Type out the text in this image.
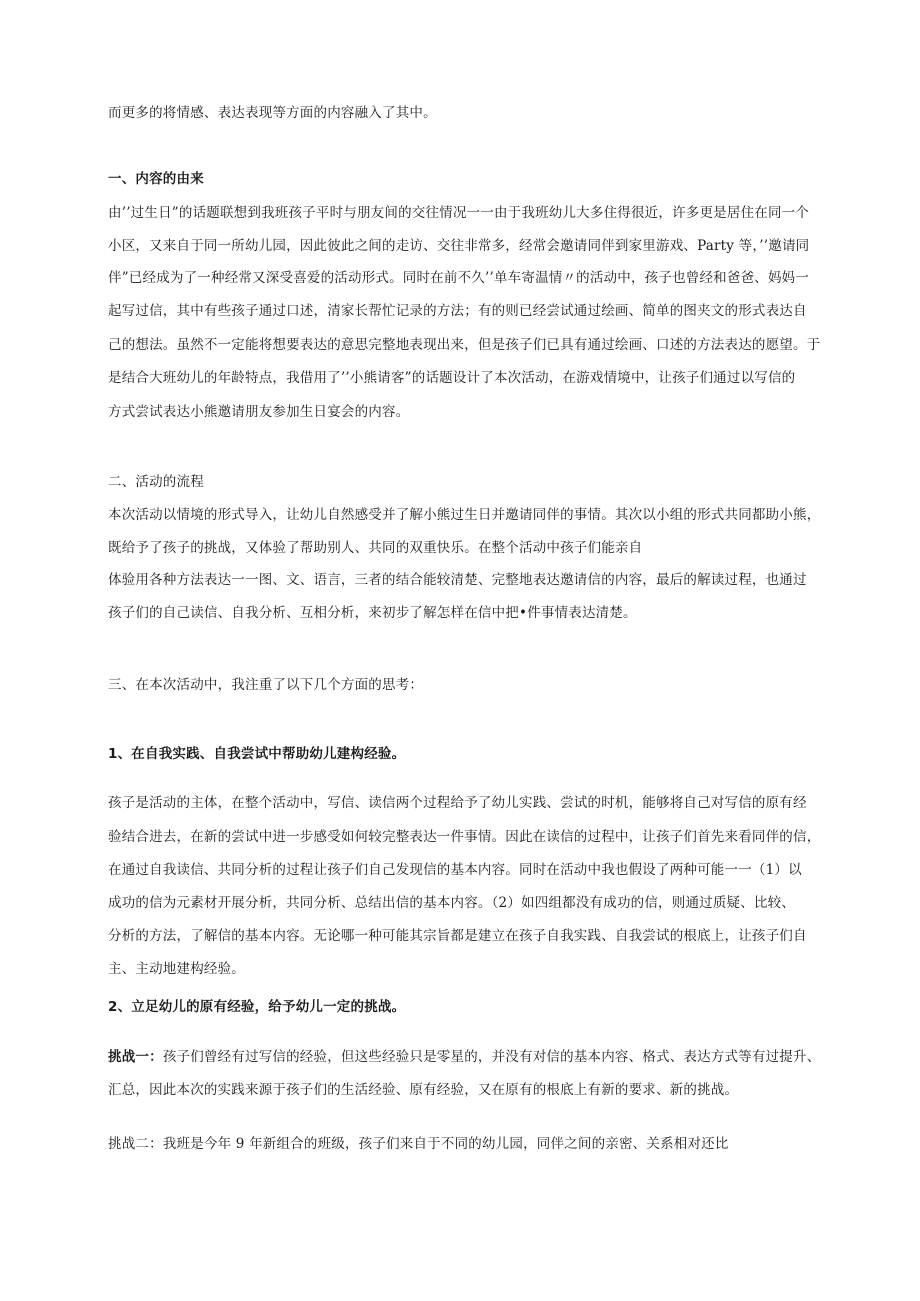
而更多的将情感、表达表现等方面的内容融入了其中。
一、内容的由来
由’’过生日”的话题联想到我班孩子平时与朋友间的交往情况一一由于我班幼儿大多住得很近，许多更是居住在同一个
小区，又来自于同一所幼儿园，因此彼此之间的走访、交往非常多，经常会邀请同伴到家里游戏、Party 等，’’邀请同
伴”已经成为了一种经常又深受喜爱的活动形式。同时在前不久’’单车寄温情〃的活动中，孩子也曾经和爸爸、妈妈一
起写过信，其中有些孩子通过口述，清家长帮忙记录的方法；有的则已经尝试通过绘画、简单的图夹文的形式表达自
己的想法。虽然不一定能将想要表达的意思完整地表现出来，但是孩子们已具有通过绘画、口述的方法表达的愿望。于
是结合大班幼儿的年龄特点，我借用了’’小熊请客”的话题设计了本次活动，在游戏情境中，让孩子们通过以写信的
方式尝试表达小熊邀请朋友参加生日宴会的内容。
二、活动的流程
本次活动以情境的形式导入，让幼儿自然感受并了解小熊过生日并邀请同伴的事情。其次以小组的形式共同都助小熊，
既给予了孩子的挑战，又体验了帮助别人、共同的双重快乐。在整个活动中孩子们能亲自
体验用各种方法表达一一图、文、语言，三者的结合能较清楚、完整地表达邀请信的内容，最后的解读过程，也通过
孩子们的自己读信、自我分析、互相分析，来初步了解怎样在信中把•件事情表达清楚。
三、在本次活动中，我注重了以下几个方面的思考：
1、在自我实践、自我尝试中帮助幼儿建构经验。
孩子是活动的主体，在整个活动中，写信、读信两个过程给予了幼儿实践、尝试的时机，能够将自己对写信的原有经
验结合进去，在新的尝试中进一步感受如何较完整表达一件事情。因此在读信的过程中，让孩子们首先来看同伴的信，
在通过自我读信、共同分析的过程让孩子们自己发现信的基本内容。同时在活动中我也假设了两种可能一一（1）以
成功的信为元素材开展分析，共同分析、总结出信的基本内容。（2）如四组都没有成功的信，则通过质疑、比较、
分析的方法，了解信的基本内容。无论哪一种可能其宗旨都是建立在孩子自我实践、自我尝试的根底上，让孩子们自
主、主动地建构经验。
2、立足幼儿的原有经验，给予幼儿一定的挑战。
挑战一：孩子们曾经有过写信的经验，但这些经验只是零星的，并没有对信的基本内容、格式、表达方式等有过提升、
汇总，因此本次的实践来源于孩子们的生活经验、原有经验，又在原有的根底上有新的要求、新的挑战。
挑战二：我班是今年 9 年新组合的班级，孩子们来自于不同的幼儿园，同伴之间的亲密、关系相对还比
